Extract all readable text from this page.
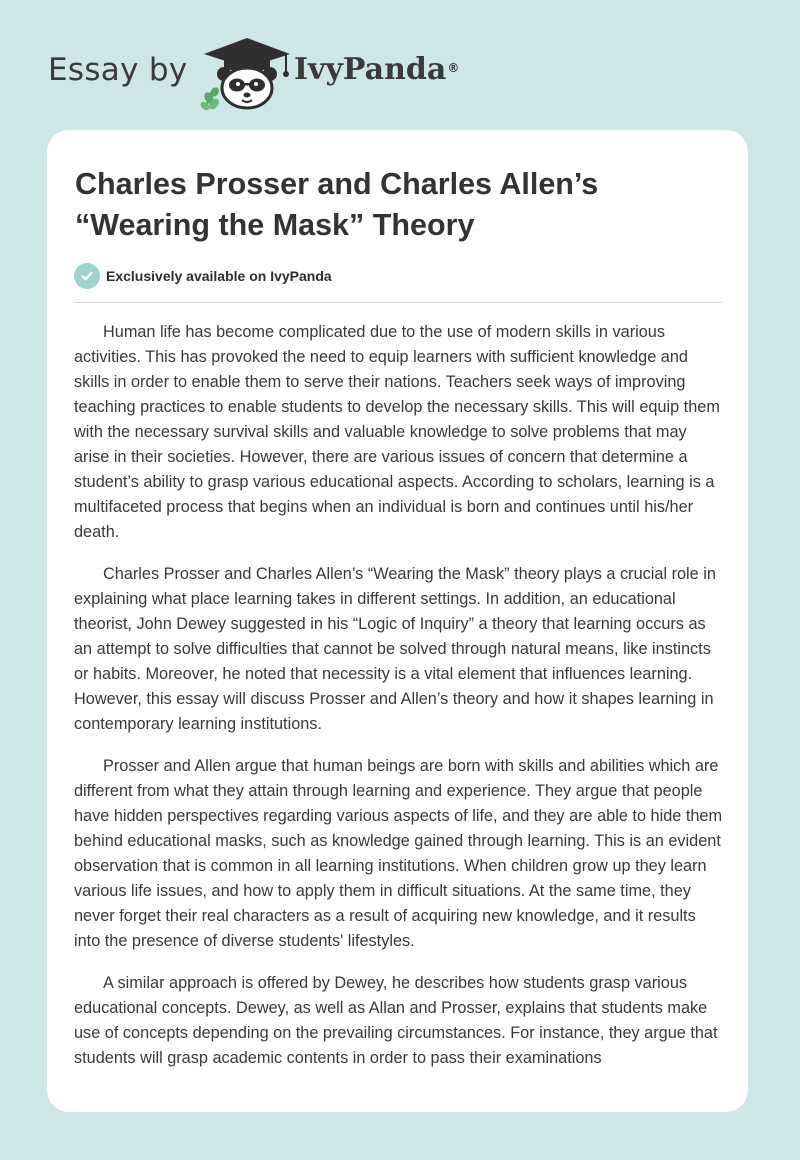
Essay by	IvyPanda®
Charles Prosser and Charles Allen’s “Wearing the Mask” Theory
Exclusively available on IvyPanda

Human life has become complicated due to the use of modern skills in various activities. This has provoked the need to equip learners with sufficient knowledge and skills in order to enable them to serve their nations. Teachers seek ways of improving teaching practices to enable students to develop the necessary skills. This will equip them with the necessary survival skills and valuable knowledge to solve problems that may arise in their societies. However, there are various issues of concern that determine a student’s ability to grasp various educational aspects. According to scholars, learning is a multifaceted process that begins when an individual is born and continues until his/her death.

Charles Prosser and Charles Allen’s “Wearing the Mask” theory plays a crucial role in explaining what place learning takes in different settings. In addition, an educational theorist, John Dewey suggested in his “Logic of Inquiry” a theory that learning occurs as an attempt to solve difficulties that cannot be solved through natural means, like instincts or habits. Moreover, he noted that necessity is a vital element that influences learning. However, this essay will discuss Prosser and Allen’s theory and how it shapes learning in contemporary learning institutions.

Prosser and Allen argue that human beings are born with skills and abilities which are different from what they attain through learning and experience. They argue that people have hidden perspectives regarding various aspects of life, and they are able to hide them behind educational masks, such as knowledge gained through learning. This is an evident observation that is common in all learning institutions. When children grow up they learn various life issues, and how to apply them in difficult situations. At the same time, they never forget their real characters as a result of acquiring new knowledge, and it results into the presence of diverse students' lifestyles.

A similar approach is offered by Dewey, he describes how students grasp various educational concepts. Dewey, as well as Allan and Prosser, explains that students make use of concepts depending on the prevailing circumstances. For instance, they argue that students will grasp academic contents in order to pass their examinations
